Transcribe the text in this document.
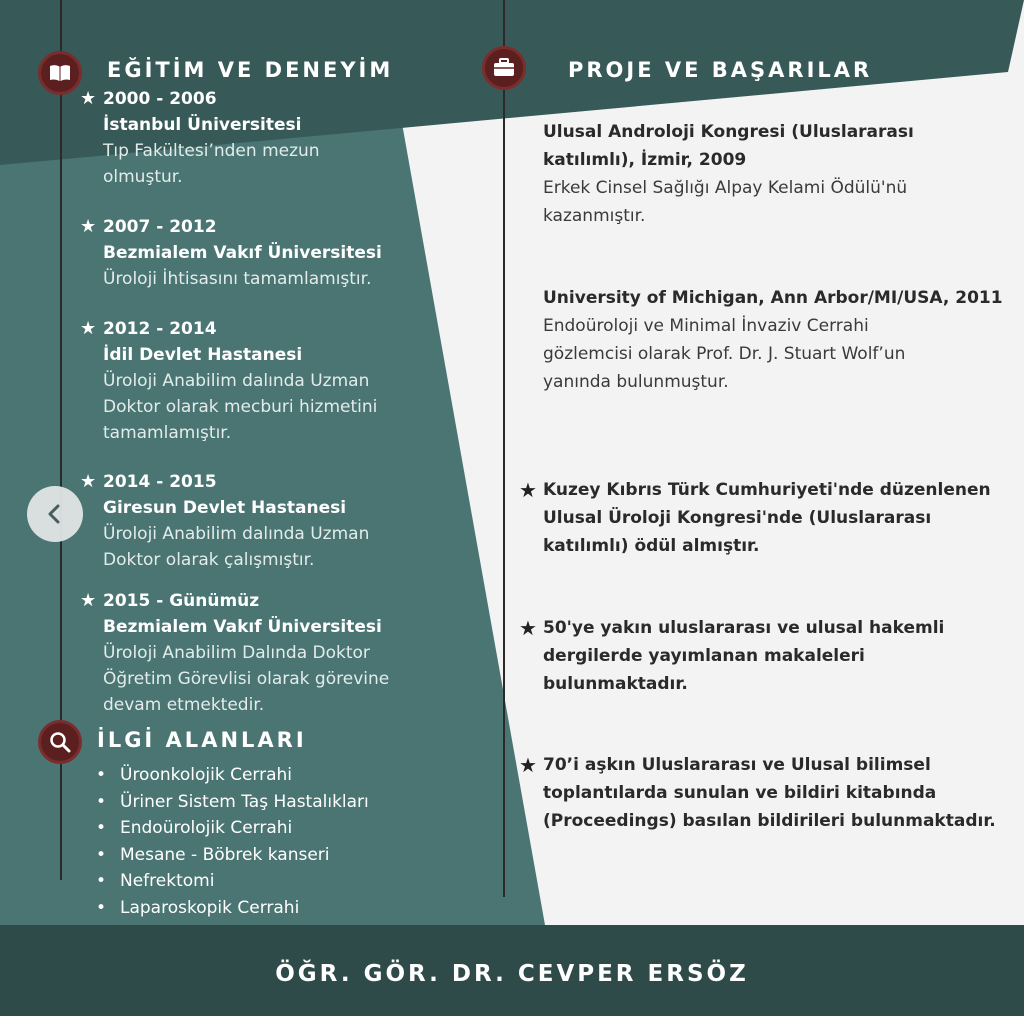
EĞİTİM VE DENEYİM
★ 2000 - 2006
İstanbul Üniversitesi
Tıp Fakültesi’nden mezun
olmuştur.
★ 2007 - 2012
Bezmialem Vakıf Üniversitesi
Üroloji İhtisasını tamamlamıştır.
★ 2012 - 2014
İdil Devlet Hastanesi
Üroloji Anabilim dalında Uzman
Doktor olarak mecburi hizmetini
tamamlamıştır.
★ 2014 - 2015
Giresun Devlet Hastanesi
Üroloji Anabilim dalında Uzman
Doktor olarak çalışmıştır.
★ 2015 - Günümüz
Bezmialem Vakıf Üniversitesi
Üroloji Anabilim Dalında Doktor
Öğretim Görevlisi olarak görevine
devam etmektedir.
İLGİ ALANLARI
• Üroonkolojik Cerrahi
• Üriner Sistem Taş Hastalıkları
• Endoürolojik Cerrahi
• Mesane - Böbrek kanseri
• Nefrektomi
• Laparoskopik Cerrahi
PROJE VE BAŞARILAR
Ulusal Androloji Kongresi (Uluslararası
katılımlı), İzmir, 2009
Erkek Cinsel Sağlığı Alpay Kelami Ödülü'nü
kazanmıştır.
University of Michigan, Ann Arbor/MI/USA, 2011
Endoüroloji ve Minimal İnvaziv Cerrahi
gözlemcisi olarak Prof. Dr. J. Stuart Wolf’un
yanında bulunmuştur.
★ Kuzey Kıbrıs Türk Cumhuriyeti'nde düzenlenen
Ulusal Üroloji Kongresi'nde (Uluslararası
katılımlı) ödül almıştır.
★ 50'ye yakın uluslararası ve ulusal hakemli
dergilerde yayımlanan makaleleri
bulunmaktadır.
★ 70’i aşkın Uluslararası ve Ulusal bilimsel
toplantılarda sunulan ve bildiri kitabında
(Proceedings) basılan bildirileri bulunmaktadır.
ÖĞR. GÖR. DR. CEVPER ERSÖZ
